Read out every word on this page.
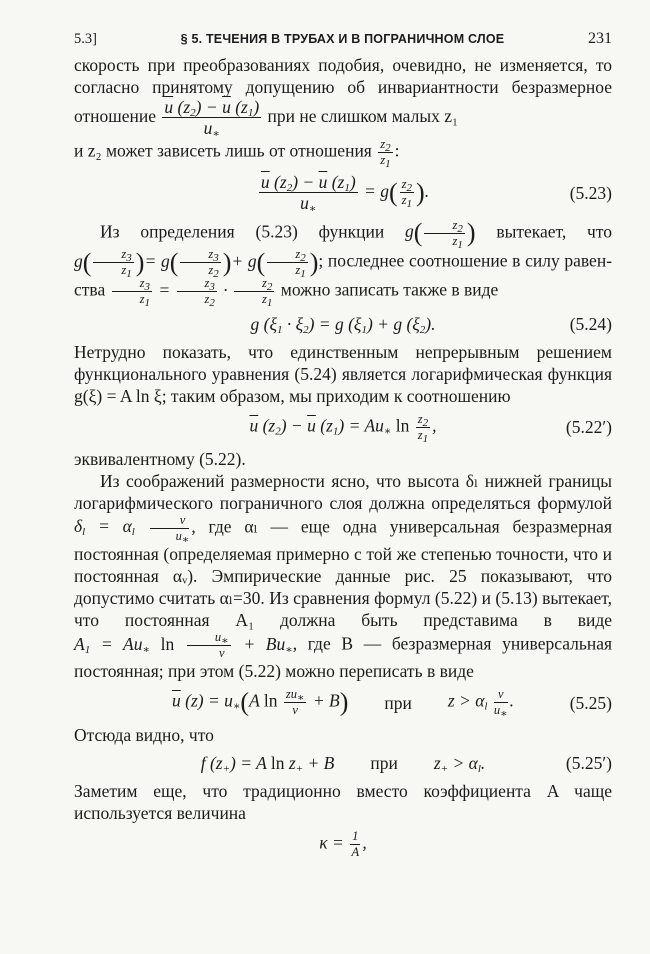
5.3]	§ 5. ТЕЧЕНИЯ В ТРУБАХ И В ПОГРАНИЧНОМ СЛОЕ	231

скорость при преобразованиях подобия, очевидно, не изменяется, то согласно принятому допущению об инвариантности безразмерное отношение $\frac{\overline{u} (z_2) - \overline{u} (z_1)}{u_∗}$ при не слишком малых z₁
и z₂ может зависеть лишь от отношения $\frac{z_2}{z_1}$ :

$\frac{\overline{u} (z_2) - \overline{u} (z_1)}{u_∗} = g( \frac{z_2}{z_1}$ ).	(5.23)

Из определения (5.23) функции $g( \frac{z_2}{z_1}$ ) вытекает, что $g( \frac{z_3}{z_1}$ )= $g( \frac{z_3}{z_2}$ )+ $g( \frac{z_2}{z_1}$ ); последнее соотношение в силу равенства $\frac{z_3}{z_1} = \frac{z_3}{z_2} \cdot \frac{z_2}{z_1}$ можно записать также в виде

g $(\xi_1 \cdot \xi_2) = g$ $(\xi_1) + g$ $(\xi_2)$.	(5.24)

Нетрудно показать, что единственным непрерывным решением функционального уравнения (5.24) является логарифмическая функция g(ξ) = A ln ξ; таким образом, мы приходим к соотношению

$\overline{u}$ $(z_2) - \overline{u}$ $(z_1) = Au_∗$ $\ln \frac{z_2}{z_1}$ ,	(5.22′)

эквивалентному (5.22).

Из соображений размерности ясно, что высота δₗ нижней границы логарифмического пограничного слоя должна определяться формулой $\delta_l = \alpha_l \frac{\nu}{u_∗}$ , где αₗ — еще одна универсальная безразмерная постоянная (определяемая примерно с той же степенью точности, что и постоянная αᵥ). Эмпирические данные рис. 25 показывают, что допустимо считать αₗ=30. Из сравнения формул (5.22) и (5.13) вытекает, что постоянная A₁ должна быть представима в виде $A_1 = Au_∗$ $\ln \frac{u_∗}{\nu} + Bu_∗$, где B — безразмерная универсальная постоянная; при этом (5.22) можно переписать в виде

$\overline{u}$ $(z) = u_∗(A$ $\ln \frac{zu_∗}{\nu} + B$) при $z > \alpha_l \frac{\nu}{u_∗}$ .	(5.25)

Отсюда видно, что

f $(z_+) = A$ $\ln z_+ + B$ при $z_+ > \alpha_l$.	(5.25′)

Заметим еще, что традиционно вместо коэффициента A чаще используется величина

$\kappa = \frac{1}{A}$ ,
